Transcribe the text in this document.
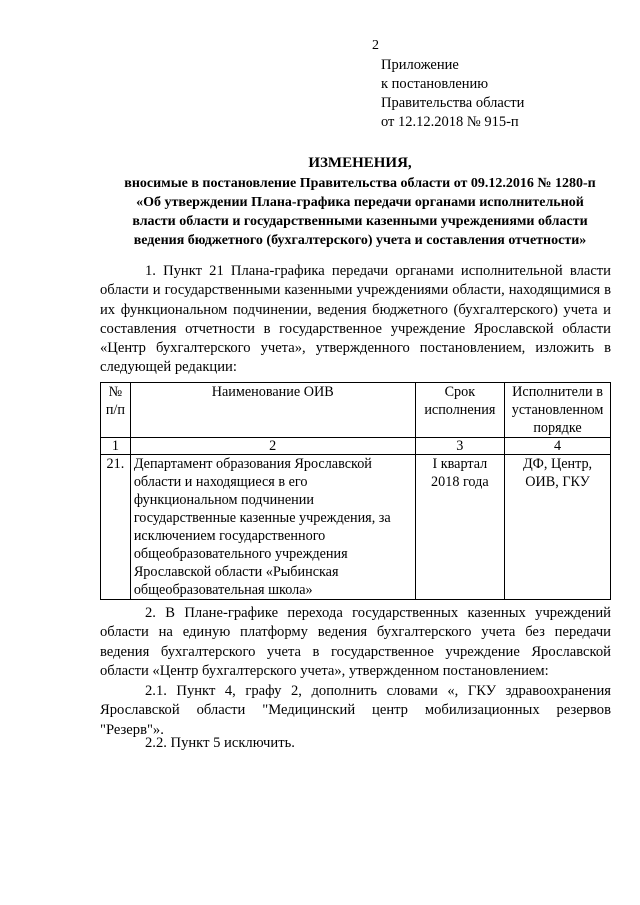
2
Приложение
к постановлению
Правительства области
от 12.12.2018 № 915-п
ИЗМЕНЕНИЯ,
вносимые в постановление Правительства области от 09.12.2016 № 1280-п
«Об утверждении Плана-графика передачи органами исполнительной
власти области и государственными казенными учреждениями области
ведения бюджетного (бухгалтерского) учета и составления отчетности»

1. Пункт 21 Плана-графика передачи органами исполнительной власти области и государственными казенными учреждениями области, находящимися в их функциональном подчинении, ведения бюджетного (бухгалтерского) учета и составления отчетности в государственное учреждение Ярославской области «Центр бухгалтерского учета», утвержденного постановлением, изложить в следующей редакции:

№ п/п	Наименование ОИВ	Срок исполнения	Исполнители в установленном порядке
1	2	3	4
21.	Департамент образования Ярославской области и находящиеся в его функциональном подчинении государственные казенные учреждения, за исключением государственного общеобразовательного учреждения Ярославской области «Рыбинская общеобразовательная школа»	I квартал 2018 года	ДФ, Центр, ОИВ, ГКУ

2. В Плане-графике перехода государственных казенных учреждений области на единую платформу ведения бухгалтерского учета без передачи ведения бухгалтерского учета в государственное учреждение Ярославской области «Центр бухгалтерского учета», утвержденном постановлением:

2.1. Пункт 4, графу 2, дополнить словами «, ГКУ здравоохранения Ярославской области "Медицинский центр мобилизационных резервов "Резерв"».

2.2. Пункт 5 исключить.
